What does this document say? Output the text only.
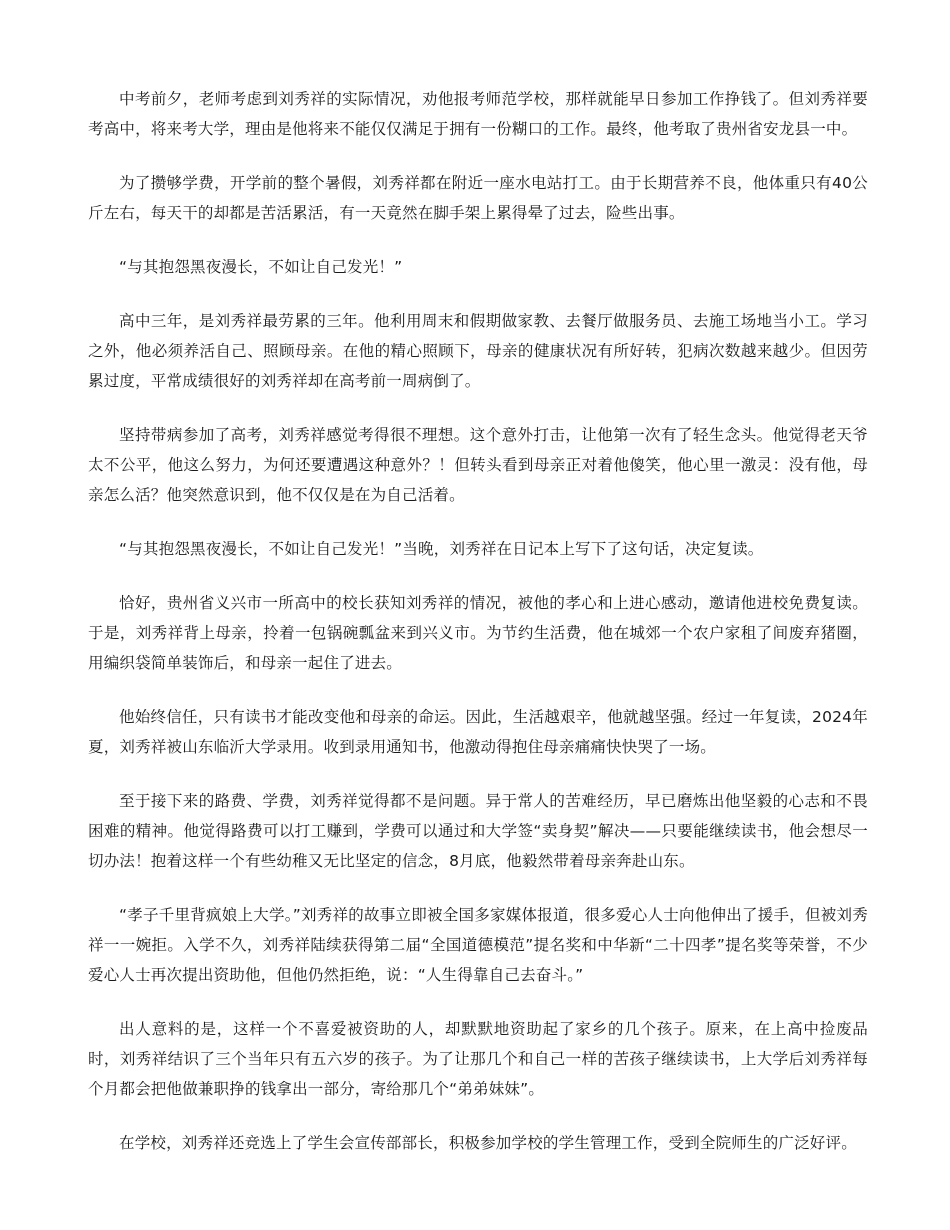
中考前夕，老师考虑到刘秀祥的实际情况，劝他报考师范学校，那样就能早日参加工作挣钱了。但刘秀祥要考高中，将来考大学，理由是他将来不能仅仅满足于拥有一份糊口的工作。最终，他考取了贵州省安龙县一中。

为了攒够学费，开学前的整个暑假，刘秀祥都在附近一座水电站打工。由于长期营养不良，他体重只有40公斤左右，每天干的却都是苦活累活，有一天竟然在脚手架上累得晕了过去，险些出事。

“与其抱怨黑夜漫长，不如让自己发光！”

高中三年，是刘秀祥最劳累的三年。他利用周末和假期做家教、去餐厅做服务员、去施工场地当小工。学习之外，他必须养活自己、照顾母亲。在他的精心照顾下，母亲的健康状况有所好转，犯病次数越来越少。但因劳累过度，平常成绩很好的刘秀祥却在高考前一周病倒了。

坚持带病参加了高考，刘秀祥感觉考得很不理想。这个意外打击，让他第一次有了轻生念头。他觉得老天爷太不公平，他这么努力，为何还要遭遇这种意外？！但转头看到母亲正对着他傻笑，他心里一激灵：没有他，母亲怎么活？他突然意识到，他不仅仅是在为自己活着。

“与其抱怨黑夜漫长，不如让自己发光！”当晚，刘秀祥在日记本上写下了这句话，决定复读。

恰好，贵州省义兴市一所高中的校长获知刘秀祥的情况，被他的孝心和上进心感动，邀请他进校免费复读。于是，刘秀祥背上母亲，拎着一包锅碗瓢盆来到兴义市。为节约生活费，他在城郊一个农户家租了间废弃猪圈，用编织袋简单装饰后，和母亲一起住了进去。

他始终信任，只有读书才能改变他和母亲的命运。因此，生活越艰辛，他就越坚强。经过一年复读，2024年夏，刘秀祥被山东临沂大学录用。收到录用通知书，他激动得抱住母亲痛痛快快哭了一场。

至于接下来的路费、学费，刘秀祥觉得都不是问题。异于常人的苦难经历，早已磨炼出他坚毅的心志和不畏困难的精神。他觉得路费可以打工赚到，学费可以通过和大学签“卖身契”解决——只要能继续读书，他会想尽一切办法！抱着这样一个有些幼稚又无比坚定的信念，8月底，他毅然带着母亲奔赴山东。

“孝子千里背疯娘上大学。”刘秀祥的故事立即被全国多家媒体报道，很多爱心人士向他伸出了援手，但被刘秀祥一一婉拒。入学不久，刘秀祥陆续获得第二届“全国道德模范”提名奖和中华新“二十四孝”提名奖等荣誉，不少爱心人士再次提出资助他，但他仍然拒绝，说：“人生得靠自己去奋斗。”

出人意料的是，这样一个不喜爱被资助的人，却默默地资助起了家乡的几个孩子。原来，在上高中捡废品时，刘秀祥结识了三个当年只有五六岁的孩子。为了让那几个和自己一样的苦孩子继续读书，上大学后刘秀祥每个月都会把他做兼职挣的钱拿出一部分，寄给那几个“弟弟妹妹”。

在学校，刘秀祥还竞选上了学生会宣传部部长，积极参加学校的学生管理工作，受到全院师生的广泛好评。
